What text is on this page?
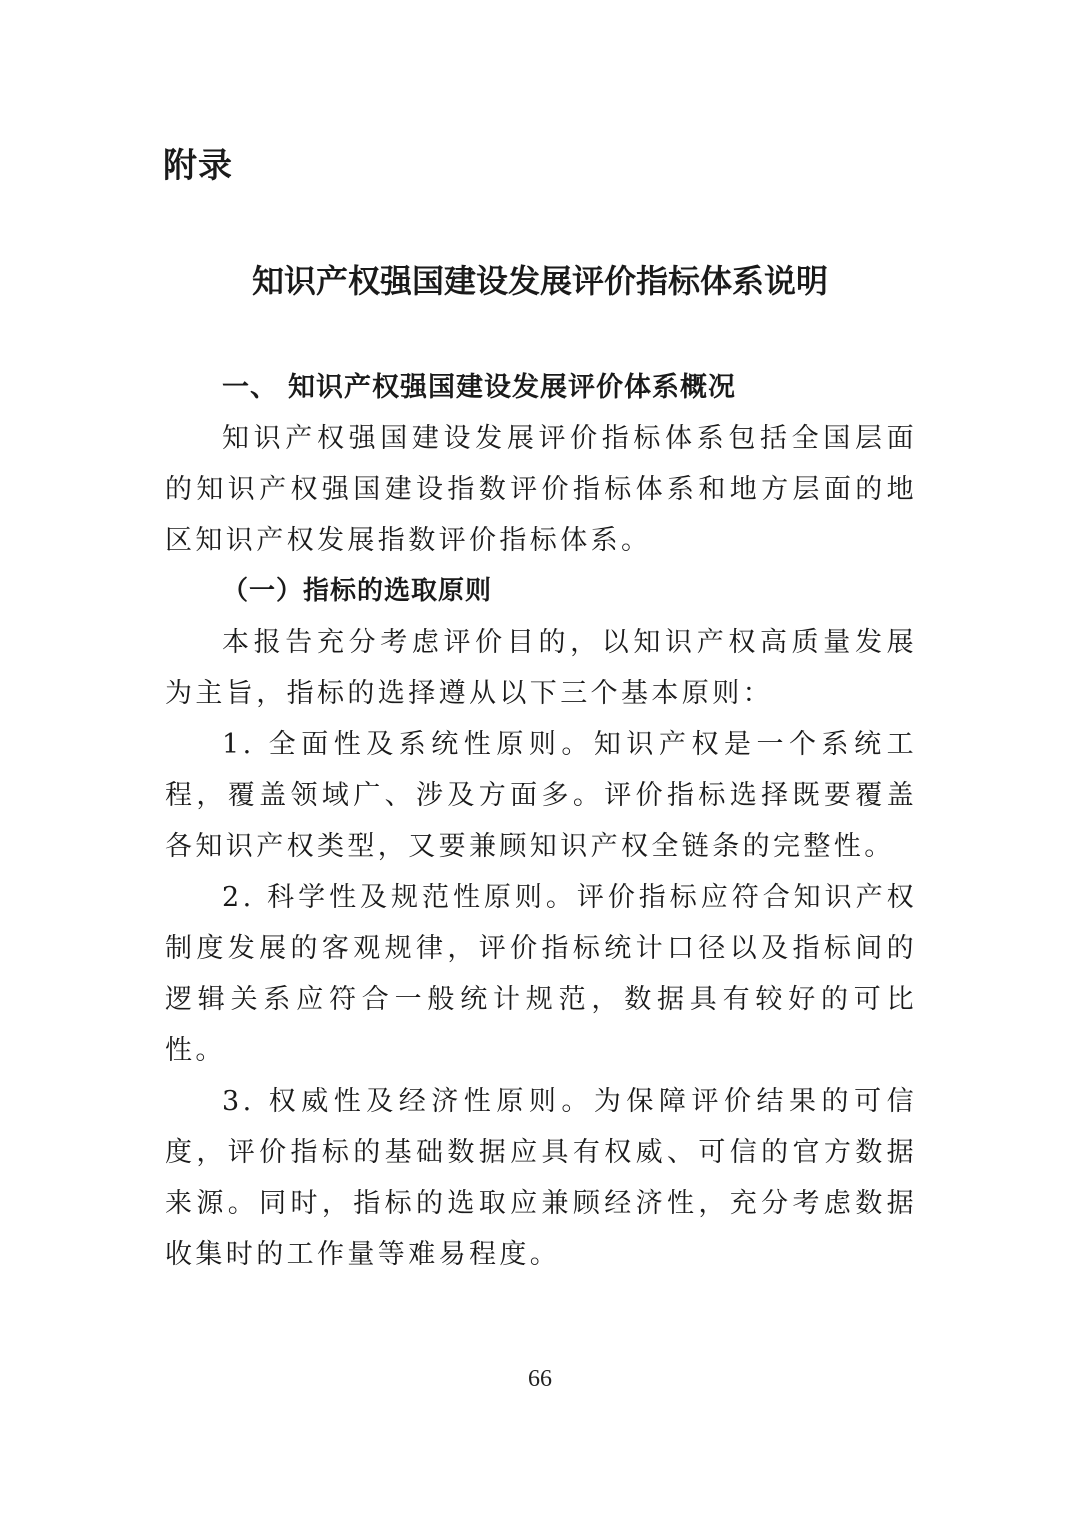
附录
知识产权强国建设发展评价指标体系说明
一、 知识产权强国建设发展评价体系概况

知识产权强国建设发展评价指标体系包括全国层面的知识产权强国建设指数评价指标体系和地方层面的地区知识产权发展指数评价指标体系。

（一）指标的选取原则

本报告充分考虑评价目的，以知识产权高质量发展为主旨，指标的选择遵从以下三个基本原则：

1. 全面性及系统性原则。知识产权是一个系统工程，覆盖领域广、涉及方面多。评价指标选择既要覆盖各知识产权类型，又要兼顾知识产权全链条的完整性。

2. 科学性及规范性原则。评价指标应符合知识产权制度发展的客观规律，评价指标统计口径以及指标间的逻辑关系应符合一般统计规范，数据具有较好的可比性。

3. 权威性及经济性原则。为保障评价结果的可信度，评价指标的基础数据应具有权威、可信的官方数据来源。同时，指标的选取应兼顾经济性，充分考虑数据收集时的工作量等难易程度。

66
